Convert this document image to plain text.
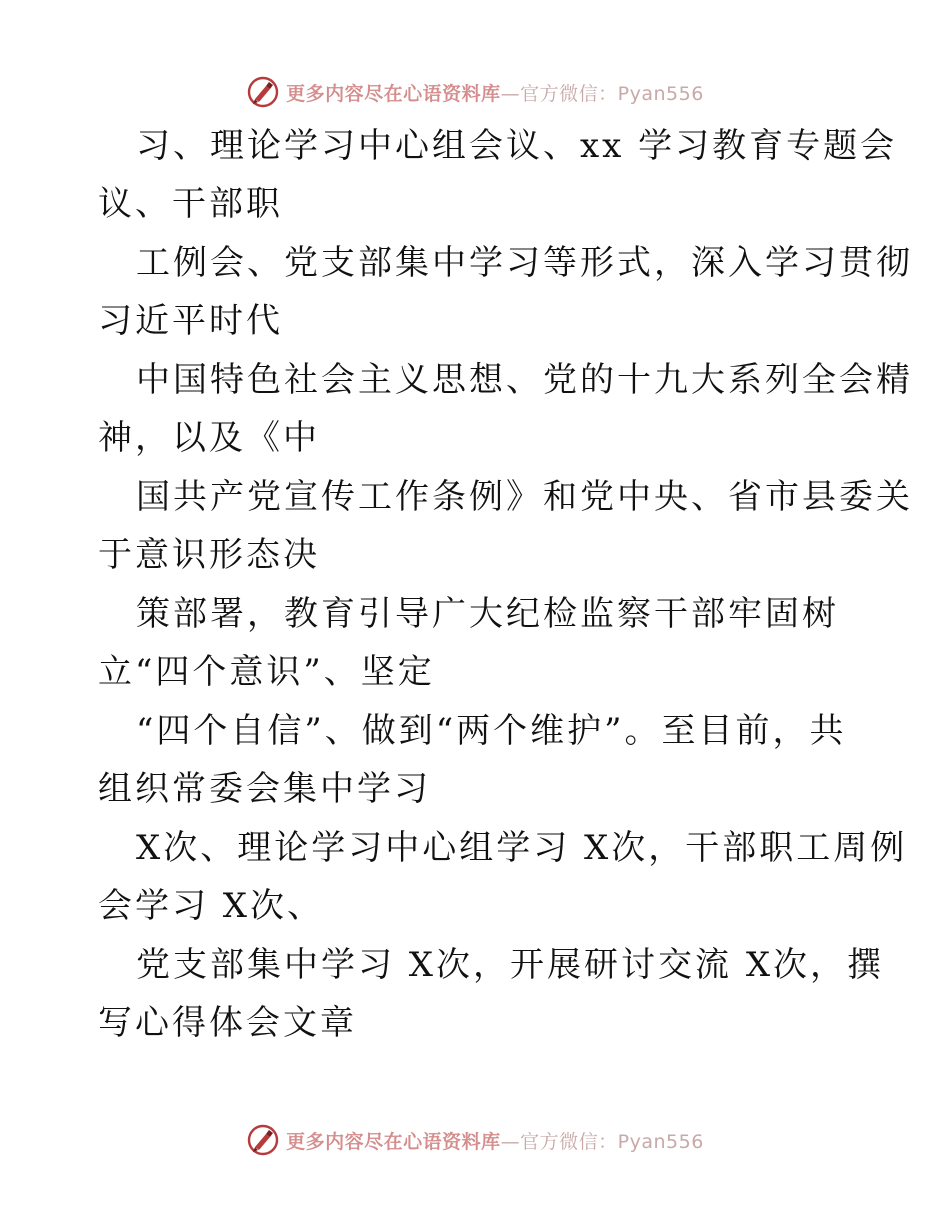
更多内容尽在心语资料库—官方微信：Pyan556
习、理论学习中心组会议、xx 学习教育专题会
议、干部职
工例会、党支部集中学习等形式，深入学习贯彻
习近平时代
中国特色社会主义思想、党的十九大系列全会精
神，以及《中
国共产党宣传工作条例》和党中央、省市县委关
于意识形态决
策部署，教育引导广大纪检监察干部牢固树
立“四个意识”、坚定
“四个自信”、做到“两个维护”。至目前，共
组织常委会集中学习
X次、理论学习中心组学习 X次，干部职工周例
会学习 X次、
党支部集中学习 X次，开展研讨交流 X次，撰
写心得体会文章
更多内容尽在心语资料库—官方微信：Pyan556
